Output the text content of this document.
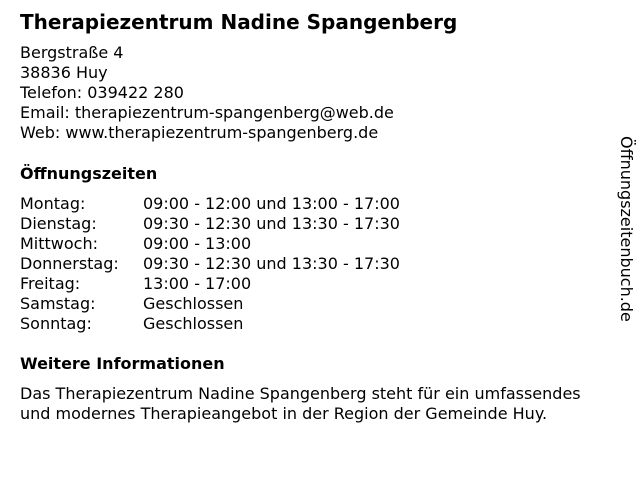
Therapiezentrum Nadine Spangenberg
Bergstraße 4
38836 Huy
Telefon: 039422 280
Email: therapiezentrum-spangenberg@web.de
Web: www.therapiezentrum-spangenberg.de
Öffnungszeiten
Montag:	09:00 - 12:00 und 13:00 - 17:00
Dienstag:	09:30 - 12:30 und 13:30 - 17:30
Mittwoch:	09:00 - 13:00
Donnerstag: 09:30 - 12:30 und 13:30 - 17:30
Freitag:	13:00 - 17:00
Samstag:	Geschlossen
Sonntag:	Geschlossen
Weitere Informationen
Das Therapiezentrum Nadine Spangenberg steht für ein umfassendes
und modernes Therapieangebot in der Region der Gemeinde Huy.
Öffnungszeitenbuch.de
